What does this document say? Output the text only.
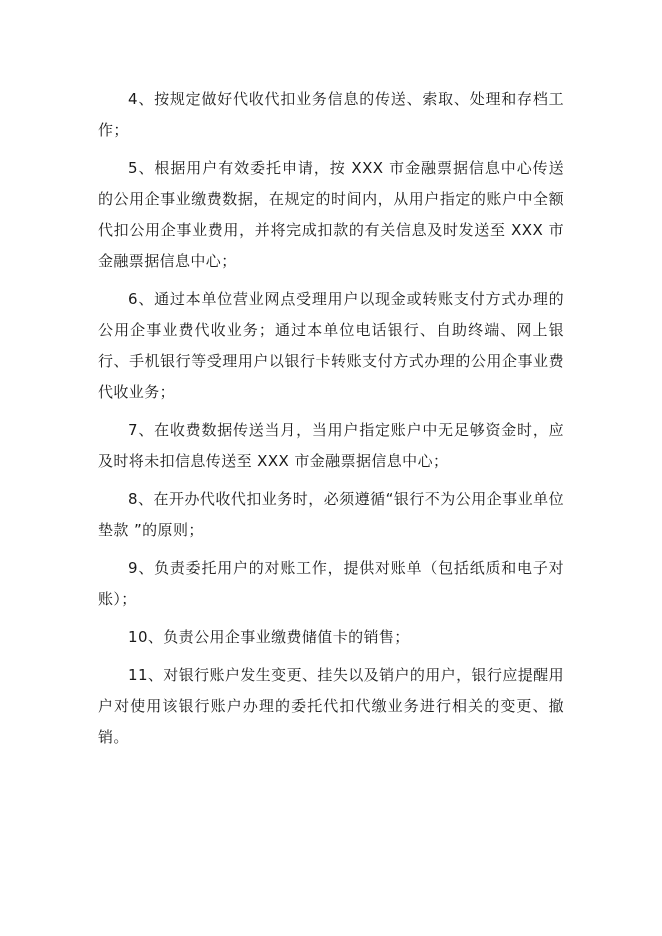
4、按规定做好代收代扣业务信息的传送、索取、处理和存档工作；

5、根据用户有效委托申请，按 XXX 市金融票据信息中心传送的公用企事业缴费数据，在规定的时间内，从用户指定的账户中全额代扣公用企事业费用，并将完成扣款的有关信息及时发送至 XXX 市金融票据信息中心；

6、通过本单位营业网点受理用户以现金或转账支付方式办理的公用企事业费代收业务；通过本单位电话银行、自助终端、网上银行、手机银行等受理用户以银行卡转账支付方式办理的公用企事业费代收业务；

7、在收费数据传送当月，当用户指定账户中无足够资金时，应及时将未扣信息传送至 XXX 市金融票据信息中心；

8、在开办代收代扣业务时，必须遵循“银行不为公用企事业单位垫款 ”的原则；

9、负责委托用户的对账工作，提供对账单（包括纸质和电子对账）；

10、负责公用企事业缴费储值卡的销售；

11、对银行账户发生变更、挂失以及销户的用户，银行应提醒用户对使用该银行账户办理的委托代扣代缴业务进行相关的变更、撤销。
